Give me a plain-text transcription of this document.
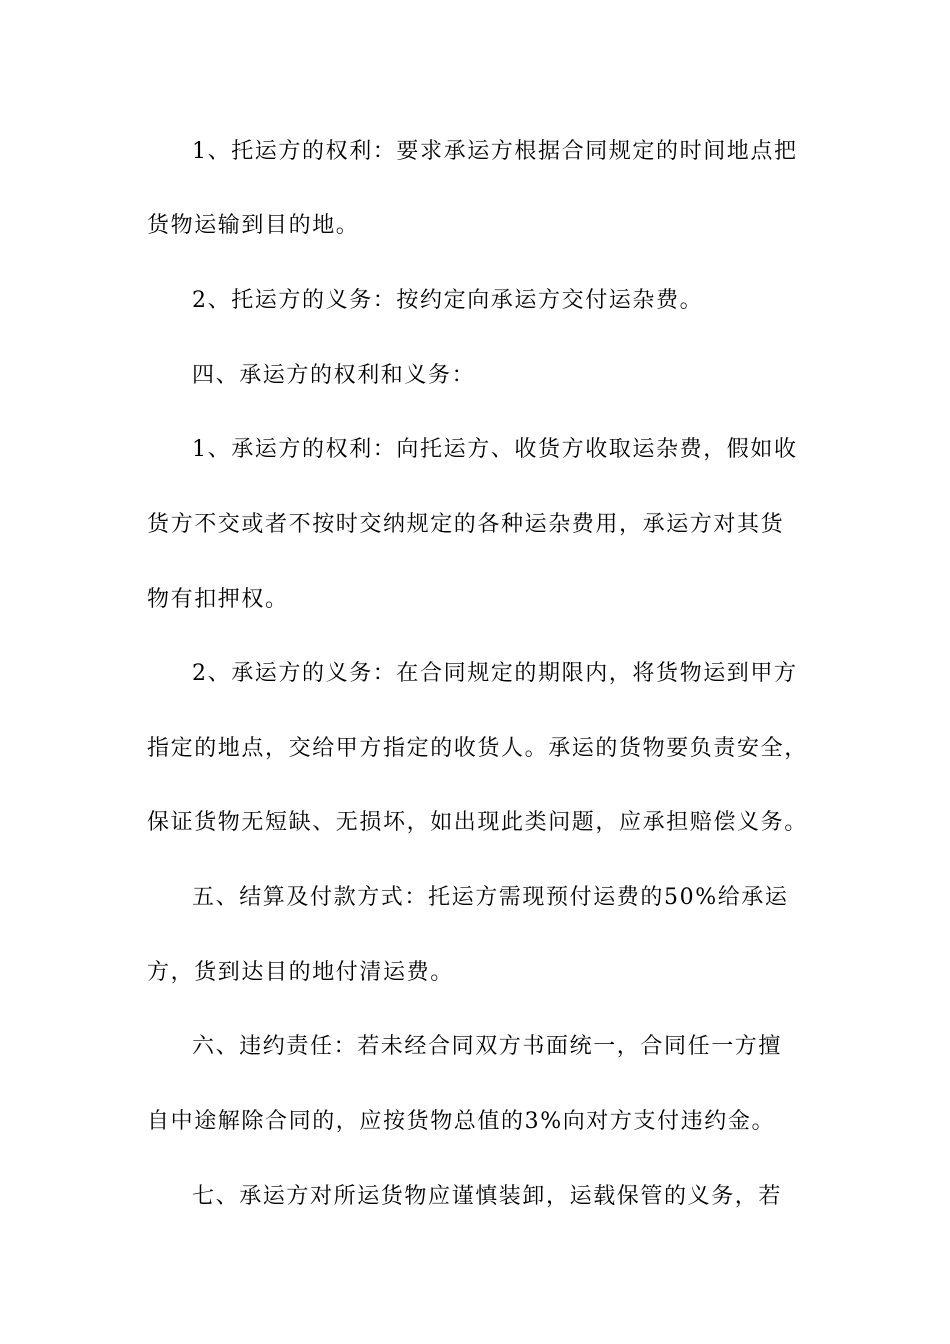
1、托运方的权利：要求承运方根据合同规定的时间地点把
货物运输到目的地。
2、托运方的义务：按约定向承运方交付运杂费。
四、承运方的权利和义务：
1、承运方的权利：向托运方、收货方收取运杂费，假如收
货方不交或者不按时交纳规定的各种运杂费用，承运方对其货
物有扣押权。
2、承运方的义务：在合同规定的期限内，将货物运到甲方
指定的地点，交给甲方指定的收货人。承运的货物要负责安全，
保证货物无短缺、无损坏，如出现此类问题，应承担赔偿义务。
五、结算及付款方式：托运方需现预付运费的50%给承运
方，货到达目的地付清运费。
六、违约责任：若未经合同双方书面统一，合同任一方擅
自中途解除合同的，应按货物总值的3%向对方支付违约金。
七、承运方对所运货物应谨慎装卸，运载保管的义务，若
